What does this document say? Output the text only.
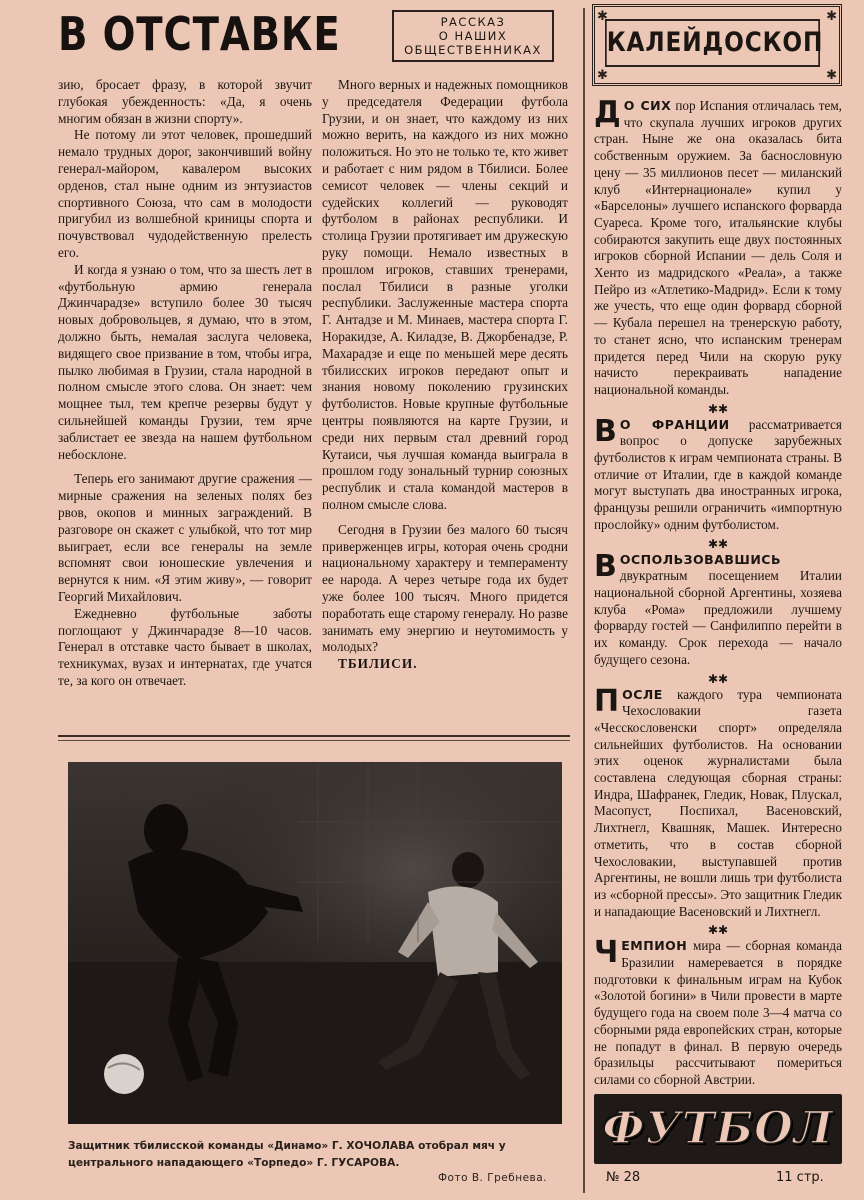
В ОТСТАВКЕ	РАССКАЗ
О НАШИХ
ОБЩЕСТВЕННИКАХ

зию, бросает фразу, в которой звучит глубокая убежденность: «Да, я очень многим обязан в жизни спорту».

Не потому ли этот человек, прошедший немало трудных дорог, закончивший войну генерал-майором, кавалером высоких орденов, стал ныне одним из энтузиастов спортивного Союза, что сам в молодости пригубил из волшебной криницы спорта и почувствовал чудодейственную прелесть его.

И когда я узнаю о том, что за шесть лет в «футбольную армию генерала Джинчарадзе» вступило более 30 тысяч новых добровольцев, я думаю, что в этом, должно быть, немалая заслуга человека, видящего свое призвание в том, чтобы игра, пылко любимая в Грузии, стала народной в полном смысле этого слова. Он знает: чем мощнее тыл, тем крепче резервы будут у сильнейшей команды Грузии, тем ярче заблистает ее звезда на нашем футбольном небосклоне.

Теперь его занимают другие сражения — мирные сражения на зеленых полях без рвов, окопов и минных заграждений. В разговоре он скажет с улыбкой, что тот мир выиграет, если все генералы на земле вспомнят свои юношеские увлечения и вернутся к ним. «Я этим живу», — говорит Георгий Михайлович.

Ежедневно футбольные заботы поглощают у Джинчарадзе 8—10 часов. Генерал в отставке часто бывает в школах, техникумах, вузах и интернатах, где учатся те, за кого он отвечает.

Много верных и надежных помощников у председателя Федерации футбола Грузии, и он знает, что каждому из них можно верить, на каждого из них можно положиться. Но это не только те, кто живет и работает с ним рядом в Тбилиси. Более семисот человек — члены секций и судейских коллегий — руководят футболом в районах республики. И столица Грузии протягивает им дружескую руку помощи. Немало известных в прошлом игроков, ставших тренерами, послал Тбилиси в разные уголки республики. Заслуженные мастера спорта Г. Антадзе и М. Минаев, мастера спорта Г. Норакидзе, А. Киладзе, В. Джорбенадзе, Р. Махарадзе и еще по меньшей мере десять тбилисских игроков передают опыт и знания новому поколению грузинских футболистов. Новые крупные футбольные центры появляются на карте Грузии, и среди них первым стал древний город Кутаиси, чья лучшая команда выиграла в прошлом году зональный турнир союзных республик и стала командой мастеров в полном смысле слова.

Сегодня в Грузии без малого 60 тысяч приверженцев игры, которая очень сродни национальному характеру и темпераменту ее народа. А через четыре года их будет уже более 100 тысяч. Много придется поработать еще старому генералу. Но разве занимать ему энергию и неутомимость у молодых?

ТБИЛИСИ.

Защитник тбилисской команды «Динамо» Г. ХОЧОЛАВА отобрал мяч у центрального нападающего «Торпедо» Г. ГУСАРОВА.
Фото В. Гребнева.
✱	✱
✱	✱
КАЛЕЙДОСКОП

Д О СИХ пор Испания отличалась тем, что скупала лучших игроков других стран. Ныне же она оказалась бита собственным оружием. За баснословную цену — 35 миллионов песет — миланский клуб «Интернационале» купил у «Барселоны» лучшего испанского форварда Суареса. Кроме того, итальянские клубы собираются закупить еще двух постоянных игроков сборной Испании — дель Соля и Хенто из мадридского «Реала», а также Пейро из «Атлетико-Мадрид». Если к тому же учесть, что еще один форвард сборной — Кубала перешел на тренерскую работу, то станет ясно, что испанским тренерам придется перед Чили на скорую руку начисто перекраивать нападение национальной команды.

✱✱

В О ФРАНЦИИ рассматривается вопрос о допуске зарубежных футболистов к играм чемпионата страны. В отличие от Италии, где в каждой команде могут выступать два иностранных игрока, французы решили ограничить «импортную прослойку» одним футболистом.

✱✱

ВОСПОЛЬЗОВАВШИСЬ двукратным посещением Италии национальной сборной Аргентины, хозяева клуба «Рома» предложили лучшему форварду гостей — Санфилиппо перейти в их команду. Срок перехода — начало будущего сезона.

✱✱

ПОСЛЕ каждого тура чемпионата Чехословакии газета «Чесскословенски спорт» определяла сильнейших футболистов. На основании этих оценок журналистами была составлена следующая сборная страны: Индра, Шафранек, Гледик, Новак, Плускал, Масопуст, Поспихал, Васеновский, Лихтнегл, Квашняк, Машек. Интересно отметить, что в состав сборной Чехословакии, выступавшей против Аргентины, не вошли лишь три футболиста из «сборной прессы». Это защитник Гледик и нападающие Васеновский и Лихтнегл.

✱✱

ЧЕМПИОН мира — сборная команда Бразилии намеревается в порядке подготовки к финальным играм на Кубок «Золотой богини» в Чили провести в марте будущего года на своем поле 3—4 матча со сборными ряда европейских стран, которые не попадут в финал. В первую очередь бразильцы рассчитывают помериться силами со сборной Австрии.

ФУТБОЛ
№ 28	11 стр.
